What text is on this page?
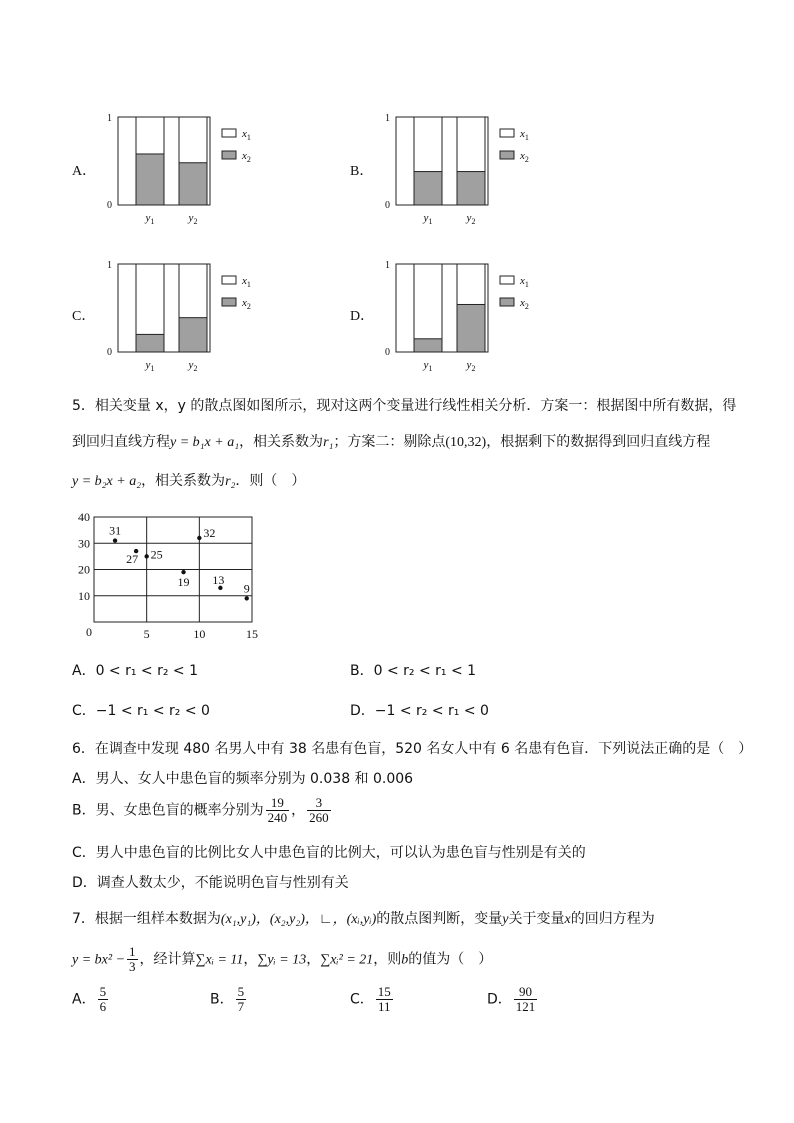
A．	B．
C．	D．
1
0
$y_1$	$y_2$
$x_1$
$x_2$
1
0
$y_1$	$y_2$
$x_1$
$x_2$
1
0
$y_1$	$y_2$
$x_1$
$x_2$
1
0
$y_1$	$y_2$
$x_1$
$x_2$
5．相关变量 x，y 的散点图如图所示，现对这两个变量进行线性相关分析．方案一：根据图中所有数据，得
到回归直线方程y = b₁x + a₁，相关系数为r₁；方案二：剔除点(10,32)，根据剩下的数据得到回归直线方程
y = b₂x + a₂，相关系数为r₂．则（　）
10
20
30
40
0	5	10	15
31
27 25
32
19 13
9
A．0 < r₁ < r₂ < 1	B．0 < r₂ < r₁ < 1
C．−1 < r₁ < r₂ < 0	D．−1 < r₂ < r₁ < 0
6．在调查中发现 480 名男人中有 38 名患有色盲，520 名女人中有 6 名患有色盲．下列说法正确的是（　）
A．男人、女人中患色盲的频率分别为 0.038 和 0.006
B．男、女患色盲的概率分别为 $\frac{19}{240}$ ， $\frac{3}{260}$
C．男人中患色盲的比例比女人中患色盲的比例大，可以认为患色盲与性别是有关的
D．调查人数太少，不能说明色盲与性别有关
7．根据一组样本数据为(x₁,y₁)，(x₂,y₂)，∟，(xᵢ,yᵢ)的散点图判断，变量y关于变量x的回归方程为
$y = bx^2 - \frac{1}{3}$ ，经计算∑xᵢ = 11，∑yᵢ = 13，∑xᵢ² = 21，则b的值为（　）
A． $\frac{5}{6}$	B． $\frac{5}{7}$	C． $\frac{15}{11}$	D． $\frac{90}{121}$
